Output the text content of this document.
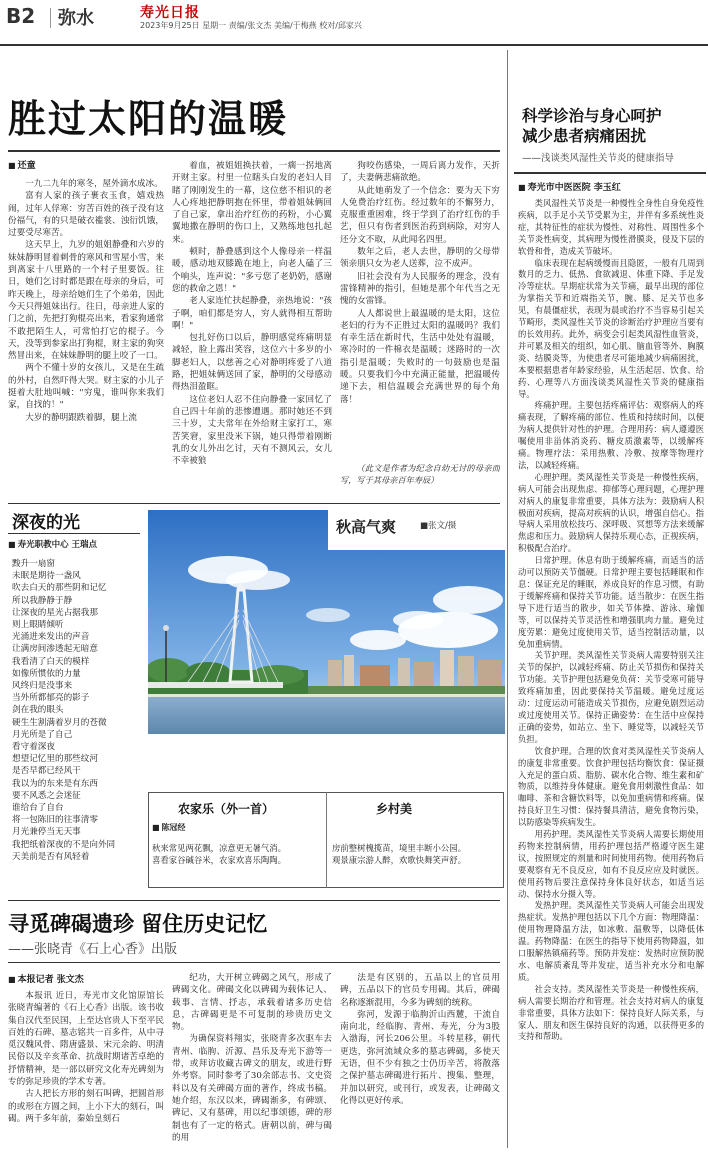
B2 弥水	寿光日报
2023年9月25日 星期一 责编/张文杰 美编/于梅燕 校对/邱家兴
胜过太阳的温暖
■ 还童

一九二九年的寒冬，屋外滴水成冰。

富有人家的孩子裹衣玉食，嬉戏热闹，过年人俘寒：穷苦百姓的孩子没有这份福气，有的只是破衣褴裳、浊衍饥饿，过要受尽寒苦。

这天早上，九岁的姐姐静叠和六岁的妹妹静明冒着刺骨的寒风和雪屋小雪，来到离家十八里路的一个村子里要饭。往日，她们乞讨时都是跟在母亲的身后，可昨天晚上，母亲给她们生了个弟弟，因此今天只得姐妹出行。往日，母亲进人家的门之前，先把打狗棍亮出来，看家狗通常不敢把陌生人，可常怕打它的棍子。今天，没等到参家出打狗棍，财主家的狗突然冒出来，在妹妹静明的腿上咬了一口。

两个不懂十岁的女孩儿，又是在生疏的外村，自然吓得大哭。财主家的小儿子挺着大肚地叫喊："穷鬼，谁叫你来我们家，自找的！"

大岁的静明跟跌着脚，腿上流

着血，被姐姐换扶着，一瘸一拐地离开财主家。村里一位瞎头白发的老妇人目睹了刚刚发生的一幕，这位慈不相识的老人心疼地把静明抱在怀里，带着姐妹俩回了自己家，拿出治疗红伤的药粉，小心翼翼地撒在静明的伤口上，又熟练地包扎起来。

顿时，静叠感到这个人像母亲一样温暖，感动地双膝跪在地上，向老人磕了三个响头，连声说："多亏您了老奶奶，感谢您的救命之恩！"

老人家连忙扶起静叠，亲热地说："孩子啊，咱们都是穷人，穷人就得相互帮助啊！"

包扎好伤口以后，静明感觉疼痛明显减轻，脸上露出笑容，这位六十多岁的小脚老妇人，以慈善之心对静明疼爱了八道路，把姐妹俩送回了家，静明的父母感动得热泪盈眶。

这位老妇人忍不住向静叠一家回忆了自己四十年前的悲惨遭遇。那时她还不到三十岁，丈夫常年在外给财主家打工，寒苦笑窘，家里没米下锅，她只得带着刚断乳的女儿外出乞讨，天有不测风云，女儿不幸被狼

狗咬伤感染，一周后离力发作，天折了，夫妻俩悲痛欲绝。

从此她萌发了一个信念：要为天下穷人免费治疗红伤。经过数年的不懈努力，克服重重困难，终于学到了治疗红伤的手艺，但只有伤者到医治药到病除，对穷人还分文不取，从此闻名四里。

数年之后，老人去世，静明的父母带领亲朋只女为老人送葬，泣不成声。

旧社会没有为人民服务的理念，没有雷锋精神的指引，但她是那个年代当之无愧的女雷锋。

人人都说世上最温暖的是太阳，这位老妇的行为不正胜过太阳的温暖吗？我们有幸生活在新时代，生活中处处有温暖，寒冷时的一件棉衣是温暖；迷路时的一次指引是温暖；失败时的一句鼓励也是温暖。只要我们今中充满正能量，把温暖传递下去，相信温暖会充满世界的每个角落！

（此文是作者为纪念自幼无讨的母亲而写，写于其母亲百年寿辰）

科学诊治与身心呵护
减少患者病痛困扰
——浅谈类风湿性关节炎的健康指导
■ 寿光市中医医院 李玉红

类风湿性关节炎是一种慢性全身性自身免疫性疾病，以手足小关节受累为主，并伴有多系统性炎症，其特征性的症状为慢性、对称性、周围性多个关节炎性病变，其病理为慢性滑膜炎，侵及下层的软骨和骨，造成关节破坏。

临床表现在起病缓慢而且隐匿，一般有几周到数月的乏力、低热、食欲减退、体重下降、手足发冷等症状。早期症状常为关节痛，最早出现的部位为掌指关节和近端指关节，腕、膝、足关节也多见，有晨僵症状，表现为晨或治疗不当容易引起关节畸形，类风湿性关节炎的诊断治疗护理应当要有的长效用药。此外，病变会引起类风湿性血管炎，并可累及相关的组织，如心肌、脑血管等外、胸膜炎、结膜炎等，为使患者尽可能地减少病痛困扰，本要根据患者年龄家经验，从生活起居、饮食、给药、心理等八方面浅谈类风湿性关节炎的健康指导。

疼痛护理。主要包括疼痛评估：观察病人的疼痛表现，了解疼痛的部位、性质和持续时间，以便为病人提供针对性的护理。合理用药：病人遵遵医嘱使用非甾体消炎药、糖皮质激素等，以缓解疼痛。物理疗法：采用热敷、冷敷、按摩等物理疗法，以减轻疼痛。

心理护理。类风湿性关节炎是一种慢性疾病，病人可能会出现焦虑、抑郁等心理问题，心理护理对病人的康复非常重要，具体方法为：鼓励病人积极面对疾病，提高对疾病的认识，增强自信心。指导病人采用放松技巧、深呼吸、冥想等方法来缓解焦虑和压力。鼓励病人保持乐观心态，正视疾病，积极配合治疗。

日常护理。休息有助于缓解疼痛，而适当的活动可以预防关节僵硬。日常护理主要包括睡眠和作息：保证充足的睡眠，养成良好的作息习惯，有助于缓解疼痛和保持关节功能。适当散步：在医生指导下进行适当的散步，如关节体操、游泳、瑜伽等，可以保持关节灵活性和增强肌肉力量。避免过度劳累：避免过度使用关节，适当控制活动量，以免加重病情。

关节护理。类风湿性关节炎病人需要特别关注关节的保护，以减轻疼痛、防止关节损伤和保持关节功能。关节护理包括避免负荷：关节受寒可能导致疼痛加重，因此要保持关节温暖。避免过度运动：过度运动可能造成关节损伤，应避免剧烈运动或过度使用关节。保持正确姿势：在生活中应保持正确的姿势，如站立、坐下、睡觉等，以减轻关节负担。

饮食护理。合理的饮食对类风湿性关节炎病人的康复非常重要。饮食护理包括均衡饮食：保证摄入充足的蛋白质、脂肪、碳水化合物、维生素和矿物质，以维持身体健康。避免食用刺激性食品：如咖啡、茶和含糖饮料等，以免加重病情和疼痛。保持良好卫生习惯：保持餐具清洁，避免食物污染，以防感染等疾病发生。

用药护理。类风湿性关节炎病人需要长期使用药物来控制病情，用药护理包括严格遵守医生建议，按照规定的剂量和时间使用药物。使用药物后要观察有无不良反应，如有不良反应应及时就医。使用药物后要注意保持身体良好状态，如适当运动、保持水分摄入等。

发热护理。类风湿性关节炎病人可能会出现发热症状。发热护理包括以下几个方面：物理降温：使用物理降温方法，如冰敷、温敷等，以降低体温。药物降温：在医生的指导下使用药物降温，如口服解热镇痛药等。预防并发症：发热时应预防脱水、电解质紊乱等并发症，适当补充水分和电解质。

社会支持。类风湿性关节炎是一种慢性疾病，病人需要长期治疗和管理。社会支持对病人的康复非常重要，具体方法如下：保持良好人际关系，与家人、朋友和医生保持良好的沟通，以获得更多的支持和帮助。

深夜的光
■ 寿光职教中心 王瑞点
黢升一扇窗
未眠是期待一盏风
吹去白天的那些阴和记忆
所以我静静于静
让深夜的星光占据我那
则上眼睛倾听
光涌进来发出的声音
让满房间渗透起无暗意
我看清了白天的模样
如像所惯依的力量
风终归是没事来
当外所都郁亮的影子
剑在我的眼头
硬生生割满着岁月的苍微
月光所是了自己
看守着深夜
想望记忆里的那些纹河
是否早都已经风干
我以为的东来是有东西
要不风悉之会迷征
谁给台了自台
将一包陈旧的往事清零
月光兼停当无天事
我把纸着深夜的不是向外同
天美前是否有风轻着
秋高气爽	■张文/摄
农家乐（外一首）
■ 陈冠经
秋来常见两花飘，凉意更无暑气消。
喜看家谷碱谷米，农家欢喜乐陶陶。
乡村美
房前整树槐揽苗，境里丰断小公园。
观景康宗游人醉，欢歌快舞笑声舒。
寻觅碑碣遗珍 留住历史记忆
——张晓青《石上心香》出版
■ 本报记者 张文杰

本报讯 近日，寿光市文化馆原馆长张晓青编著的《石上心香》出版。该书收集自汉代至民国，上至达官贵人下至平民百姓的石碑、墓志铭共一百多件，从中寻觅汉魏风骨、隋唐盛景、宋元余韵、明清民俗以及辛亥革命、抗战时期诸苦卓绝的抒情精神，是一部以研究文化寿光碑刻为专的弥足珍贵的学术专著。

古人把长方形的刻石叫碑，把圆首形的或形在方圆之间，上小下大的刻石，叫碣。两千多年前，秦始皇刻石

纪功，大开树立碑碣之风气，形成了碑碣文化。碑碣文化以碑碣为载体记人、载事、言情、抒志，承载着诸多历史信息，古碑碣更是不可复制的珍贵历史文物。

为确保资料翔实，张晓青多次驱车去青州、临朐、沂源、昌乐及寿光下游等一带，或拜访收藏古碑文的朋友，或进行野外考察。同时参考了30余部志书、文史资料以及有关碑碣方面的著作，终成书稿。她介绍，东汉以来，碑碣渐多，有碑颂、碑记、又有墓碑，用以纪事颂德，碑的形制也有了一定的格式。唐朝以前，碑与碣的用

法是有区别的，五品以上的官员用碑，五品以下的官员专用碣。其后，碑碣名称逐渐混用，今多为碑刻的统称。

弥河，发源于临朐沂山西麓，干流自南向北，经临朐、青州、寿光，分为3股入渤海，河长206公里。斗转星移，朝代更迭，弥河流域众多的墓志碑碣，多使天无语，但不少有独之士仍历辛苦，将散落之保护墓志碑碣进行拓片、搜集、整理，并加以研究，或刊行，或发表，让碑碣文化得以更好传承。
